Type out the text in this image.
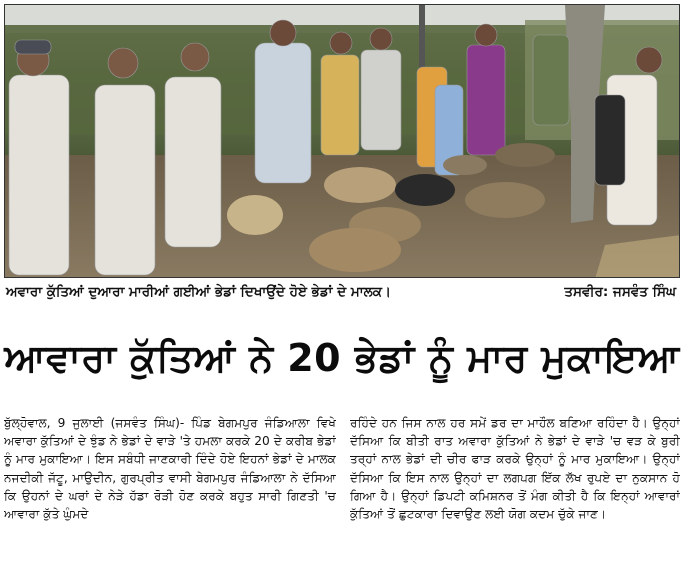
ਅਵਾਰਾ ਕੁੱਤਿਆਂ ਦੁਆਰਾ ਮਾਰੀਆਂ ਗਈਆਂ ਭੇਡਾਂ ਦਿਖਾਉਂਦੇ ਹੋਏ ਭੇਡਾਂ ਦੇ ਮਾਲਕ।	ਤਸਵੀਰ: ਜਸਵੰਤ ਸਿੰਘ
ਆਵਾਰਾ ਕੁੱਤਿਆਂ ਨੇ 20 ਭੇਡਾਂ ਨੂੰ ਮਾਰ ਮੁਕਾਇਆ
ਬੁੱਲ੍ਹੋਵਾਲ, 9 ਜੁਲਾਈ (ਜਸਵੰਤ ਸਿੰਘ)- ਪਿੰਡ ਬੇਗਮਪੁਰ ਜੰਡਿਆਲਾ ਵਿਖੇ ਅਵਾਰਾ ਕੁੱਤਿਆਂ ਦੇ ਝੁੰਡ ਨੇ ਭੇਡਾਂ ਦੇ ਵਾੜੇ 'ਤੇ ਹਮਲਾ ਕਰਕੇ 20 ਦੇ ਕਰੀਬ ਭੇਡਾਂ ਨੂੰ ਮਾਰ ਮੁਕਾਇਆ। ਇਸ ਸਬੰਧੀ ਜਾਣਕਾਰੀ ਦਿੰਦੇ ਹੋਏ ਇਹਨਾਂ ਭੇਡਾਂ ਦੇ ਮਾਲਕ ਨਜਦੀਕੀ ਜੱਟੂ, ਮਾਉਦੀਨ, ਗੁਰਪ੍ਰੀਤ ਵਾਸੀ ਬੇਗਮਪੁਰ ਜੰਡਿਆਲਾ ਨੇ ਦੱਸਿਆ ਕਿ ਉਹਨਾਂ ਦੇ ਘਰਾਂ ਦੇ ਨੇੜੇ ਹੱਡਾ ਰੋੜੀ ਹੋਣ ਕਰਕੇ ਬਹੁਤ ਸਾਰੀ ਗਿਣਤੀ 'ਚ ਆਵਾਰਾ ਕੁੱਤੇ ਘੁੰਮਦੇ
ਰਹਿੰਦੇ ਹਨ ਜਿਸ ਨਾਲ ਹਰ ਸਮੇਂ ਡਰ ਦਾ ਮਾਹੌਲ ਬਣਿਆ ਰਹਿੰਦਾ ਹੈ। ਉਨ੍ਹਾਂ ਦੱਸਿਆ ਕਿ ਬੀਤੀ ਰਾਤ ਅਵਾਰਾ ਕੁੱਤਿਆਂ ਨੇ ਭੇਡਾਂ ਦੇ ਵਾੜੇ 'ਚ ਵੜ ਕੇ ਬੁਰੀ ਤਰ੍ਹਾਂ ਨਾਲ ਭੇਡਾਂ ਦੀ ਚੀਰ ਫਾੜ ਕਰਕੇ ਉਨ੍ਹਾਂ ਨੂੰ ਮਾਰ ਮੁਕਾਇਆ। ਉਨ੍ਹਾਂ ਦੱਸਿਆ ਕਿ ਇਸ ਨਾਲ ਉਨ੍ਹਾਂ ਦਾ ਲਗਪਗ ਇੱਕ ਲੱਖ ਰੁਪਏ ਦਾ ਨੁਕਸਾਨ ਹੋ ਗਿਆ ਹੈ। ਉਨ੍ਹਾਂ ਡਿਪਟੀ ਕਮਿਸ਼ਨਰ ਤੋਂ ਮੰਗ ਕੀਤੀ ਹੈ ਕਿ ਇਨ੍ਹਾਂ ਆਵਾਰਾਂ ਕੁੱਤਿਆਂ ਤੋਂ ਛੁਟਕਾਰਾ ਦਿਵਾਉਣ ਲਈ ਯੋਗ ਕਦਮ ਚੁੱਕੇ ਜਾਣ।
